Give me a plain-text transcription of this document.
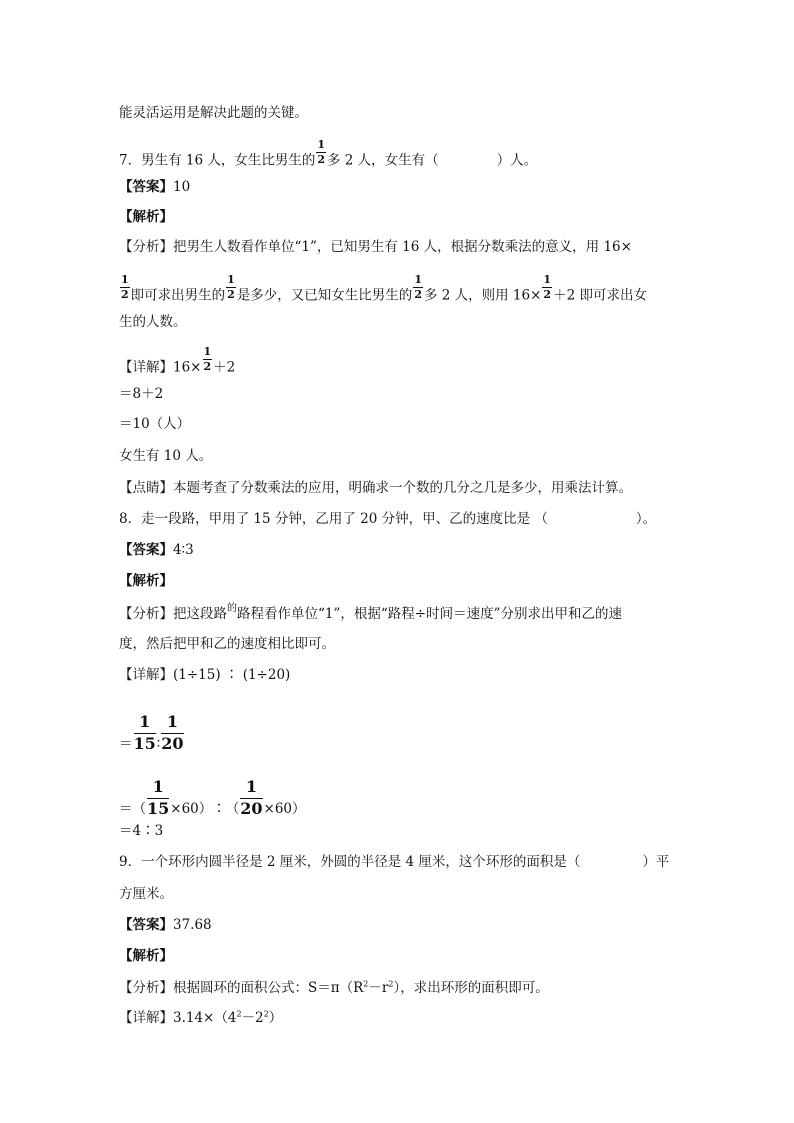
能灵活运用是解决此题的关键。
7．男生有 16 人，女生比男生的 $\frac{1}{2}$ 多 2 人，女生有（	）人。
【答案】10
【解析】
【分析】把男生人数看作单位“1”，已知男生有 16 人，根据分数乘法的意义，用 16×
$\frac{1}{2}$ 即可求出男生的 $\frac{1}{2}$ 是多少，又已知女生比男生的 $\frac{1}{2}$ 多 2 人，则用 $16\times \frac{1}{2} +2$ 即可求出女
生的人数。
【详解】$16\times \frac{1}{2} +2$
＝8＋2
＝10（人）
女生有 10 人。
【点睛】本题考查了分数乘法的应用，明确求一个数的几分之几是多少，用乘法计算。
8．走一段路，甲用了 15 分钟，乙用了 20 分钟，甲、乙的速度比是 （	）。
【答案】4∶3
【解析】
【分析】把这段路$^的$路程看作单位“1”，根据“路程÷时间＝速度”分别求出甲和乙的速
度，然后把甲和乙的速度相比即可。
【详解】(1÷15) ∶ (1÷20)
＝ $\frac{1}{15}$ ∶ $\frac{1}{20}$
＝（ $\frac{1}{15}$ ×60）∶（ $\frac{1}{20} \times 60$）
＝4∶3
9．一个环形内圆半径是 2 厘米，外圆的半径是 4 厘米，这个环形的面积是（	）平
方厘米。
【答案】37.68
【解析】
【分析】根据圆环的面积公式：$S=\pi(R^2-r^2)$，求出环形的面积即可。
【详解】$3.14\times(4^2-2^2)$
